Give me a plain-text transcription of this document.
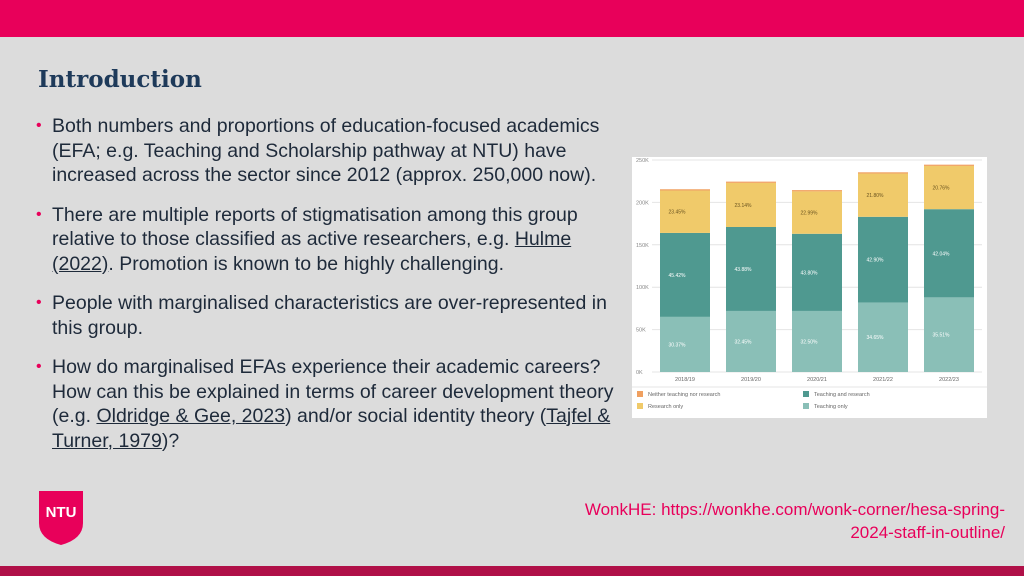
Introduction
• Both numbers and proportions of education-focused academics (EFA; e.g. Teaching and Scholarship pathway at NTU) have increased across the sector since 2012 (approx. 250,000 now).
• There are multiple reports of stigmatisation among this group relative to those classified as active researchers, e.g. Hulme (2022). Promotion is known to be highly challenging.
• People with marginalised characteristics are over-represented in this group.
• How do marginalised EFAs experience their academic careers? How can this be explained in terms of career development theory (e.g. Oldridge & Gee, 2023) and/or social identity theory (Tajfel & Turner, 1979)?
0K
50K
100K
150K
200K
250K
30.37%
45.42%
23.45%
2018/19
32.45%
43.88%
23.14%
2019/20
32.50%
43.80%
22.99%
2020/21
34.65%
42.90%
21.80%
2021/22
35.51%
42.04%
20.76%
2022/23
Neither teaching nor research	Teaching and research
Research only	Teaching only
NTU	WonkHE: https://wonkhe.com/wonk-corner/hesa-spring-2024-staff-in-outline/
